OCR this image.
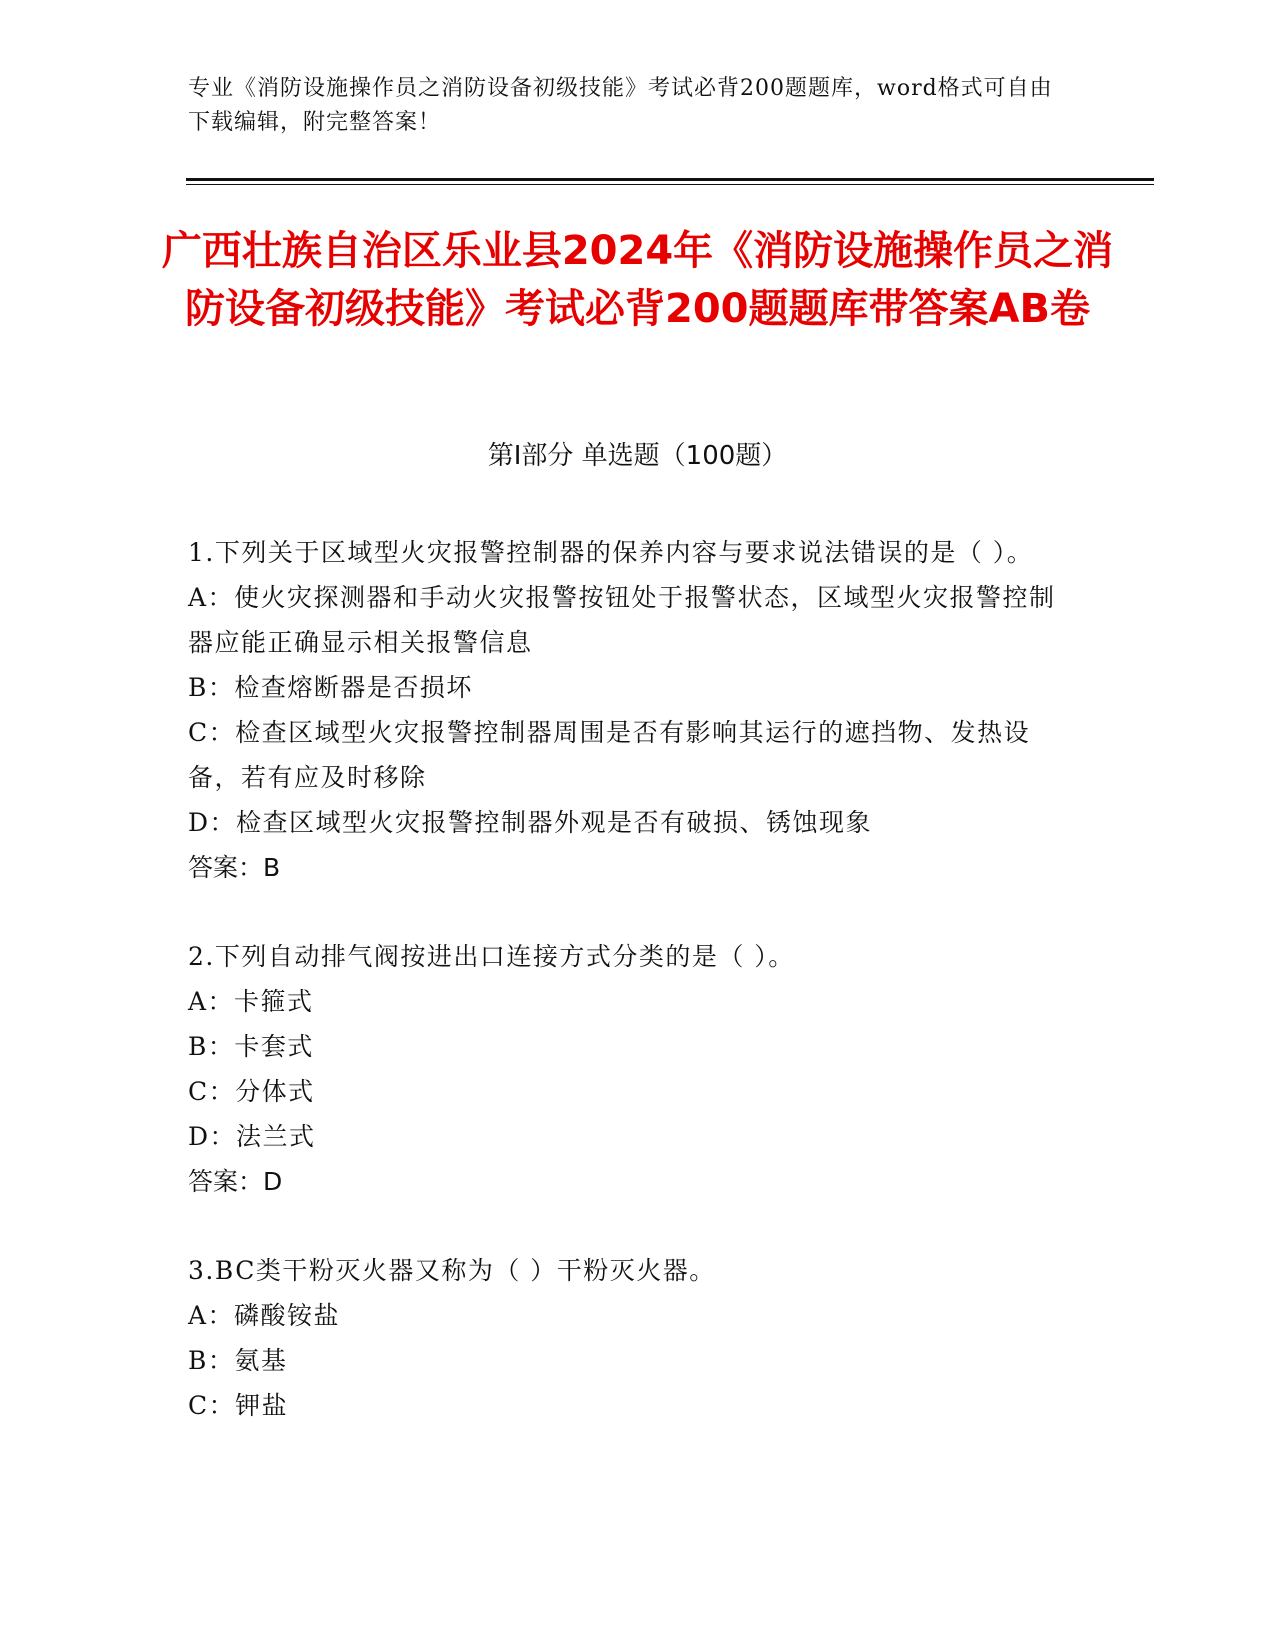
专业《消防设施操作员之消防设备初级技能》考试必背200题题库，word格式可自由下载编辑，附完整答案！
广西壮族自治区乐业县2024年《消防设施操作员之消防设备初级技能》考试必背200题题库带答案AB卷
第Ⅰ部分 单选题（100题）
1.下列关于区域型火灾报警控制器的保养内容与要求说法错误的是（ ）。
A：使火灾探测器和手动火灾报警按钮处于报警状态，区域型火灾报警控制器应能正确显示相关报警信息
B：检查熔断器是否损坏
C：检查区域型火灾报警控制器周围是否有影响其运行的遮挡物、发热设备，若有应及时移除
D：检查区域型火灾报警控制器外观是否有破损、锈蚀现象
答案：B
2.下列自动排气阀按进出口连接方式分类的是（ ）。
A：卡箍式
B：卡套式
C：分体式
D：法兰式
答案：D
3.BC类干粉灭火器又称为（ ）干粉灭火器。
A：磷酸铵盐
B：氨基
C：钾盐
